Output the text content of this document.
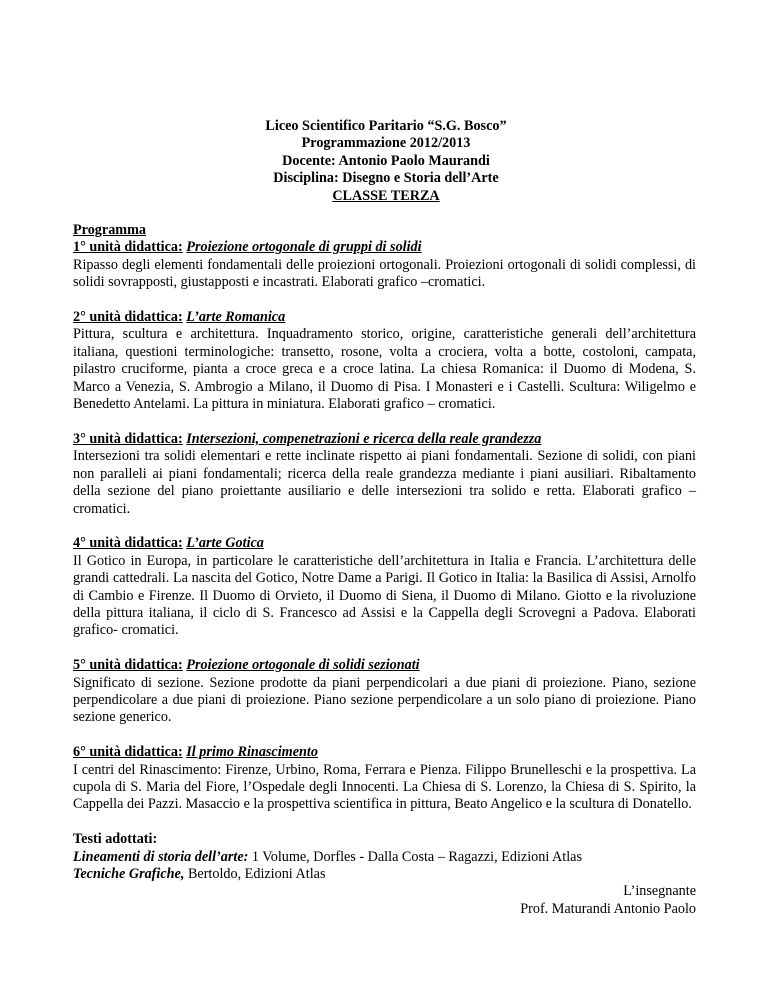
Liceo Scientifico Paritario “S.G. Bosco”
Programmazione 2012/2013
Docente: Antonio Paolo Maurandi
Disciplina: Disegno e Storia dell’Arte
CLASSE TERZA
Programma
1° unità didattica: Proiezione ortogonale di gruppi di solidi
Ripasso degli elementi fondamentali delle proiezioni ortogonali. Proiezioni ortogonali di solidi complessi, di solidi sovrapposti, giustapposti e incastrati. Elaborati grafico –cromatici.
2° unità didattica: L’arte Romanica
Pittura, scultura e architettura. Inquadramento storico, origine, caratteristiche generali dell’architettura italiana, questioni terminologiche: transetto, rosone, volta a crociera, volta a botte, costoloni, campata, pilastro cruciforme, pianta a croce greca e a croce latina. La chiesa Romanica: il Duomo di Modena, S. Marco a Venezia, S. Ambrogio a Milano, il Duomo di Pisa. I Monasteri e i Castelli. Scultura: Wiligelmo e Benedetto Antelami. La pittura in miniatura. Elaborati grafico – cromatici.
3° unità didattica: Intersezioni, compenetrazioni e ricerca della reale grandezza
Intersezioni tra solidi elementari e rette inclinate rispetto ai piani fondamentali. Sezione di solidi, con piani non paralleli ai piani fondamentali; ricerca della reale grandezza mediante i piani ausiliari. Ribaltamento della sezione del piano proiettante ausiliario e delle intersezioni tra solido e retta. Elaborati grafico – cromatici.
4° unità didattica: L’arte Gotica
Il Gotico in Europa, in particolare le caratteristiche dell’architettura in Italia e Francia. L’architettura delle grandi cattedrali. La nascita del Gotico, Notre Dame a Parigi. Il Gotico in Italia: la Basilica di Assisi, Arnolfo di Cambio e Firenze. Il Duomo di Orvieto, il Duomo di Siena, il Duomo di Milano. Giotto e la rivoluzione della pittura italiana, il ciclo di S. Francesco ad Assisi e la Cappella degli Scrovegni a Padova. Elaborati grafico- cromatici.
5° unità didattica: Proiezione ortogonale di solidi sezionati
Significato di sezione. Sezione prodotte da piani perpendicolari a due piani di proiezione. Piano, sezione perpendicolare a due piani di proiezione. Piano sezione perpendicolare a un solo piano di proiezione. Piano sezione generico.
6° unità didattica: Il primo Rinascimento
I centri del Rinascimento: Firenze, Urbino, Roma, Ferrara e Pienza. Filippo Brunelleschi e la prospettiva. La cupola di S. Maria del Fiore, l’Ospedale degli Innocenti. La Chiesa di S. Lorenzo, la Chiesa di S. Spirito, la Cappella dei Pazzi. Masaccio e la prospettiva scientifica in pittura, Beato Angelico e la scultura di Donatello.
Testi adottati:
Lineamenti di storia dell’arte: 1 Volume, Dorfles - Dalla Costa – Ragazzi, Edizioni Atlas
Tecniche Grafiche, Bertoldo, Edizioni Atlas
L’insegnante
Prof. Maturandi Antonio Paolo
